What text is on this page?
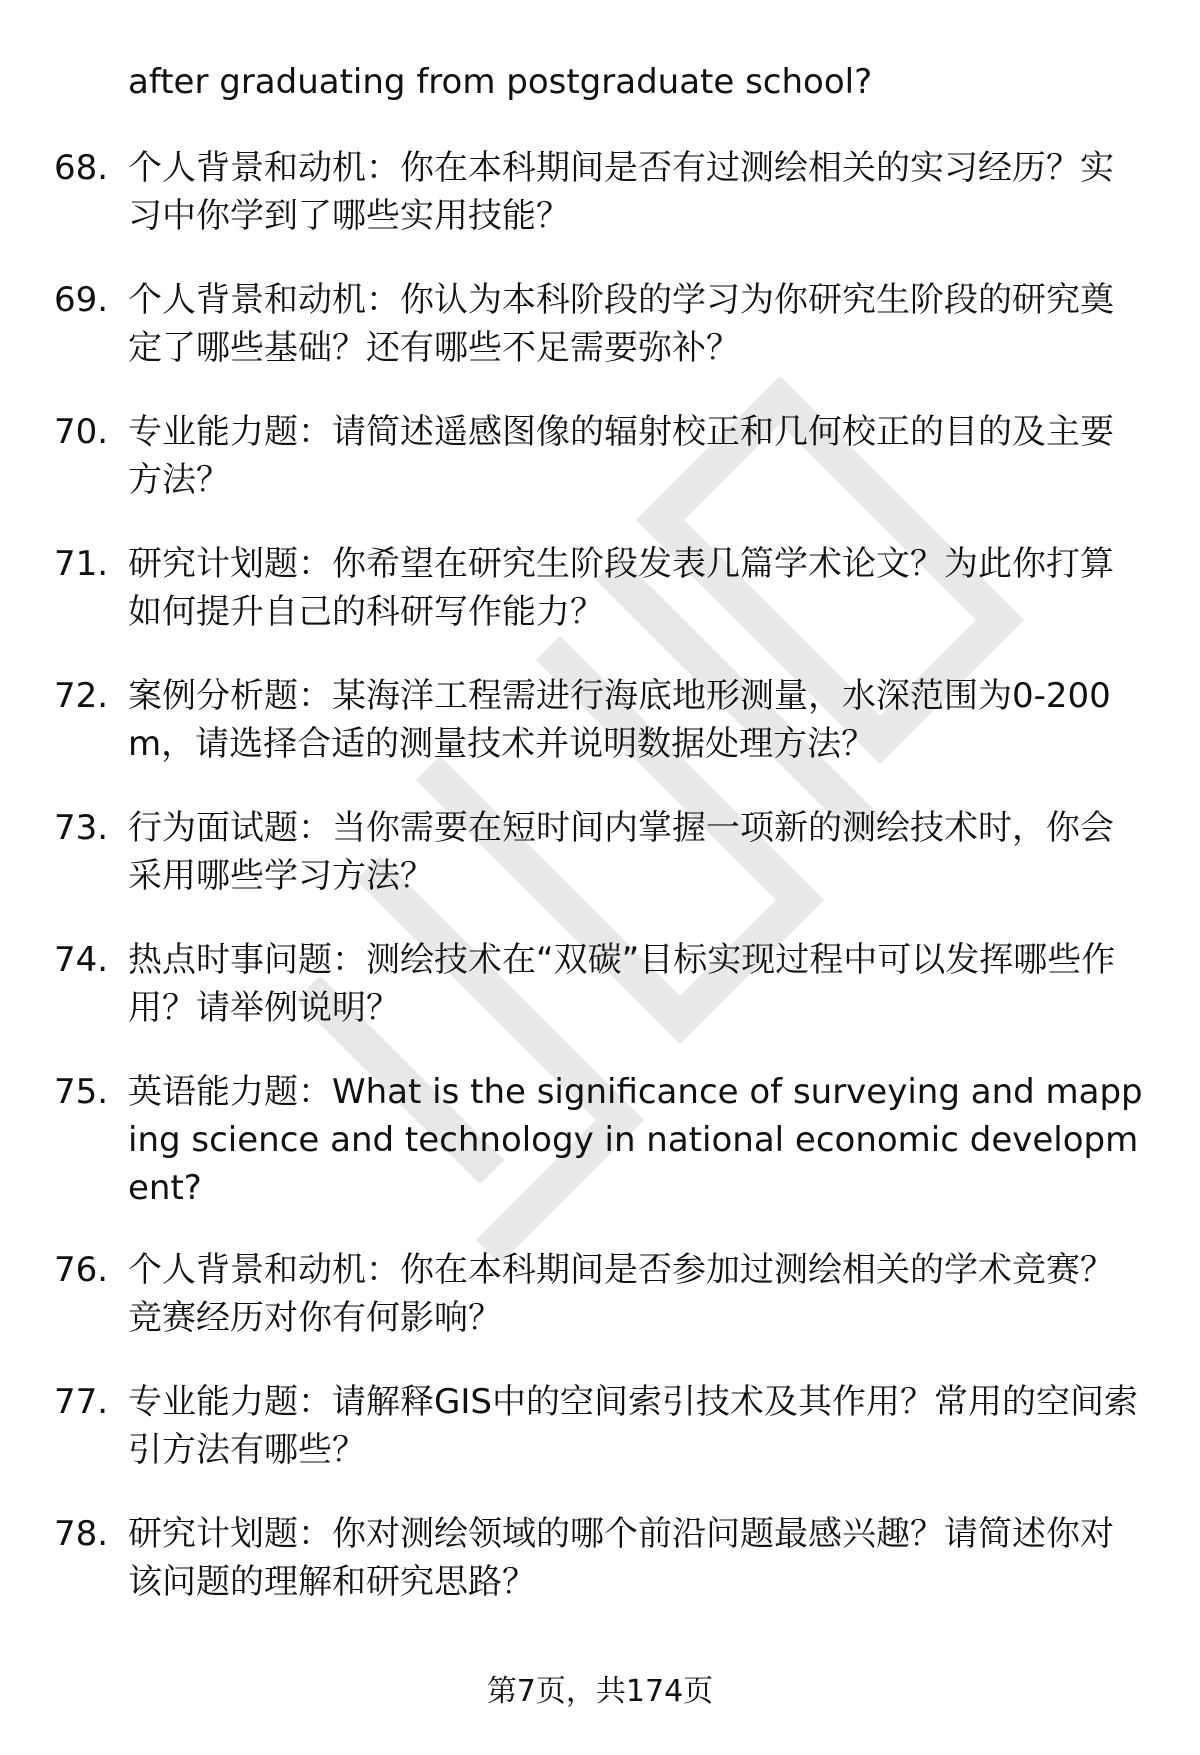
after graduating from postgraduate school?

68. 个人背景和动机：你在本科期间是否有过测绘相关的实习经历？实习中你学到了哪些实用技能？
69. 个人背景和动机：你认为本科阶段的学习为你研究生阶段的研究奠定了哪些基础？还有哪些不足需要弥补？
70. 专业能力题：请简述遥感图像的辐射校正和几何校正的目的及主要方法？
71. 研究计划题：你希望在研究生阶段发表几篇学术论文？为此你打算如何提升自己的科研写作能力？
72. 案例分析题：某海洋工程需进行海底地形测量，水深范围为0-200m，请选择合适的测量技术并说明数据处理方法？
73. 行为面试题：当你需要在短时间内掌握一项新的测绘技术时，你会采用哪些学习方法？
74. 热点时事问题：测绘技术在“双碳”目标实现过程中可以发挥哪些作用？请举例说明？
75. 英语能力题：What is the significance of surveying and mapping science and technology in national economic development?
76. 个人背景和动机：你在本科期间是否参加过测绘相关的学术竞赛？竞赛经历对你有何影响？
77. 专业能力题：请解释GIS中的空间索引技术及其作用？常用的空间索引方法有哪些？
78. 研究计划题：你对测绘领域的哪个前沿问题最感兴趣？请简述你对该问题的理解和研究思路？
第7页，共174页
